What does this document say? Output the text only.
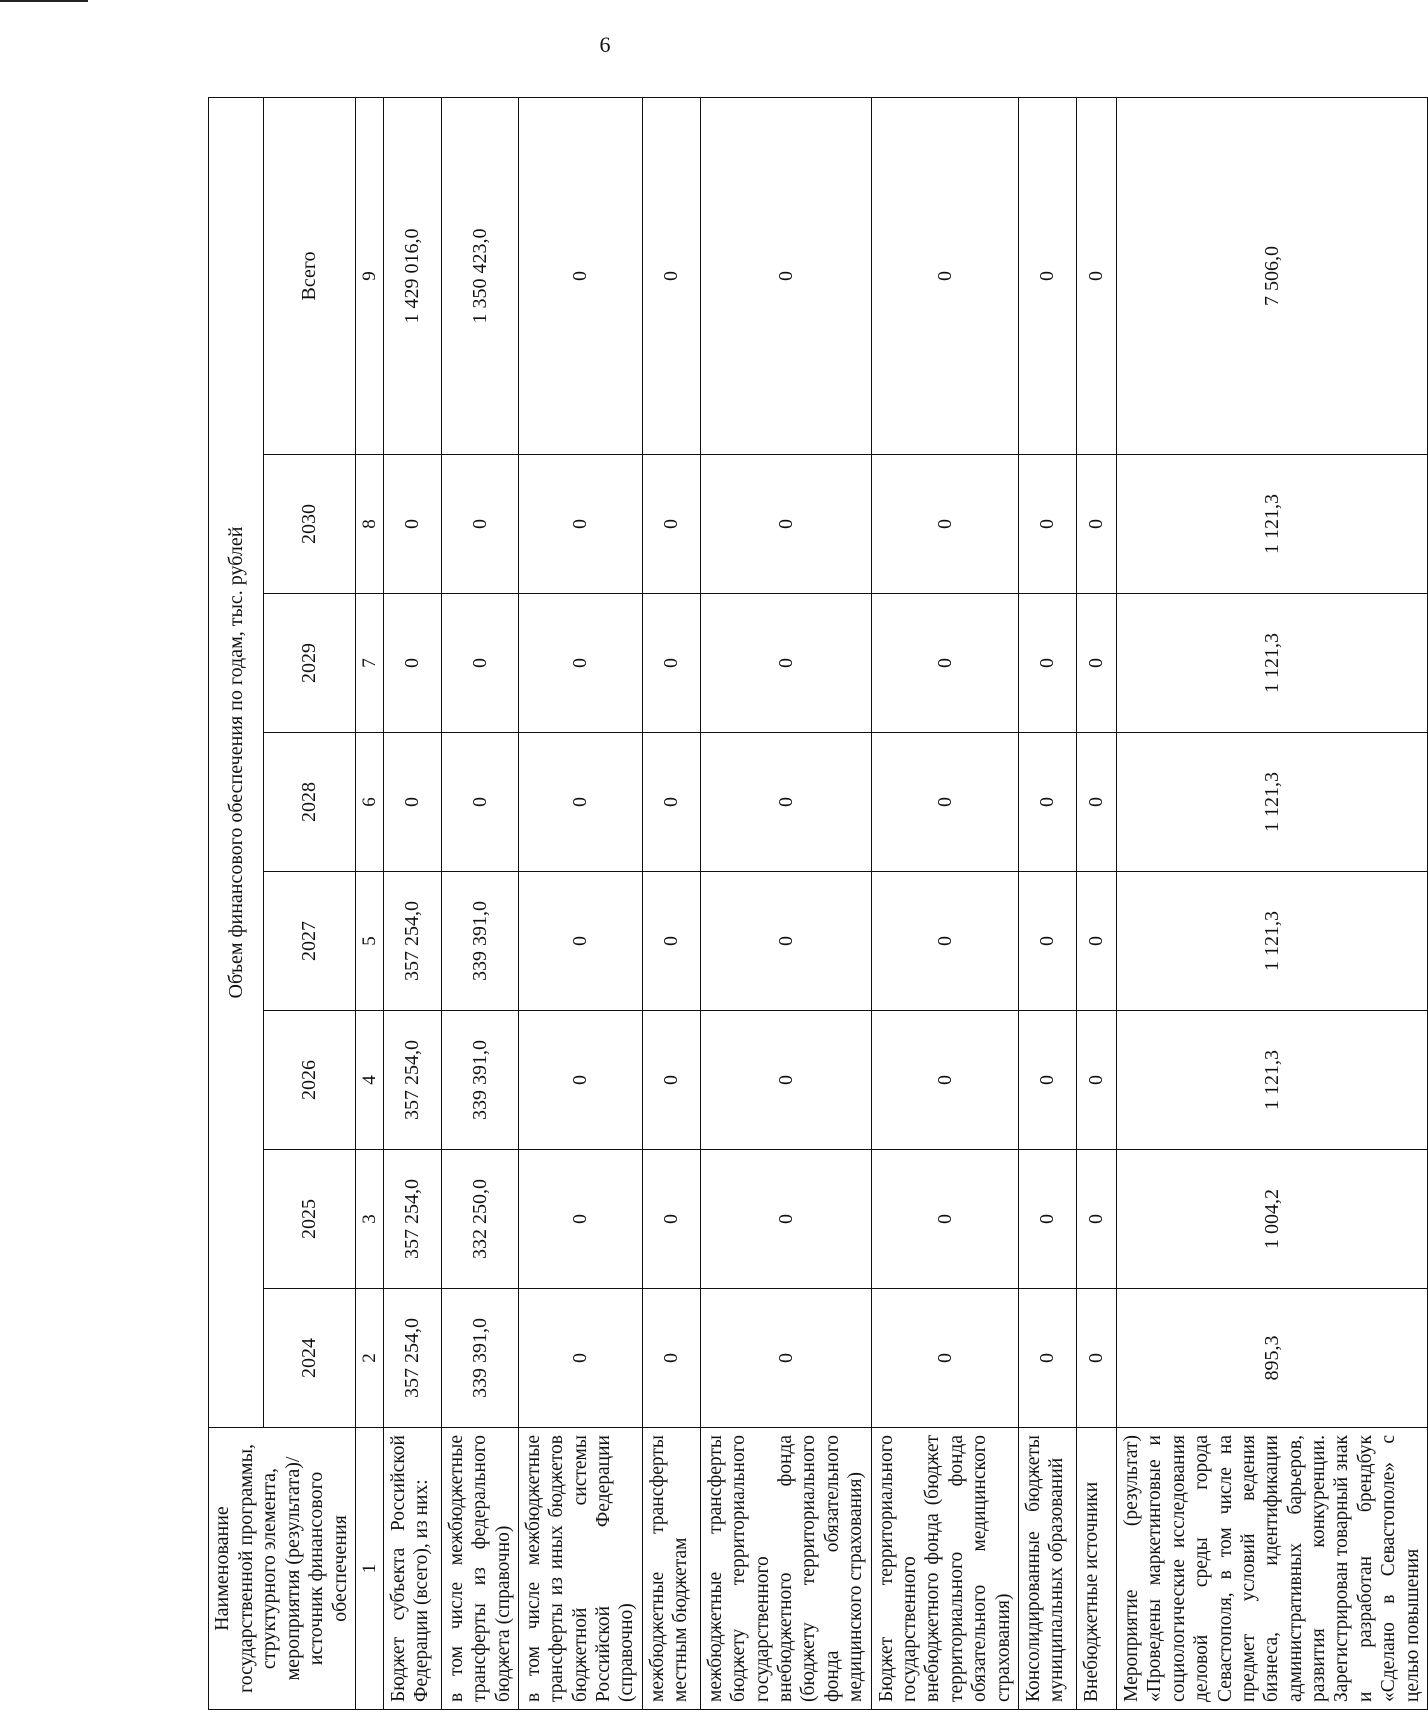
6
Наименование государственной программы, структурного элемента, мероприятия (результата)/источник финансового обеспечения	Объем финансового обеспечения по годам, тыс. рублей							
	2024	2025	2026	2027	2028	2029	2030	Всего
1	2	3	4	5	6	7	8	9
Бюджет субъекта Российской Федерации (всего), из них:	357 254,0	357 254,0	357 254,0	357 254,0	0	0	0	1 429 016,0
в том числе межбюджетные трансферты из федерального бюджета (справочно)	339 391,0	332 250,0	339 391,0	339 391,0	0	0	0	1 350 423,0
в том числе межбюджетные трансферты из иных бюджетов бюджетной системы Российской Федерации (справочно)	0	0	0	0	0	0	0	0
межбюджетные трансферты местным бюджетам	0	0	0	0	0	0	0	0
межбюджетные трансферты бюджету территориального государственного внебюджетного фонда (бюджету территориального фонда обязательного медицинского страхования)	0	0	0	0	0	0	0	0
Бюджет территориального государственного внебюджетного фонда (бюджет территориального фонда обязательного медицинского страхования)	0	0	0	0	0	0	0	0
Консолидированные бюджеты муниципальных образований	0	0	0	0	0	0	0	0
Внебюджетные источники	0	0	0	0	0	0	0	0
Мероприятие (результат) «Проведены маркетинговые и социологические исследования деловой среды города Севастополя, в том числе на предмет условий ведения бизнеса, идентификации административных барьеров, развития конкуренции. Зарегистрирован товарный знак и разработан брендбук «Сделано в Севастополе» с целью повышения	895,3	1 004,2	1 121,3	1 121,3	1 121,3	1 121,3	1 121,3	7 506,0
